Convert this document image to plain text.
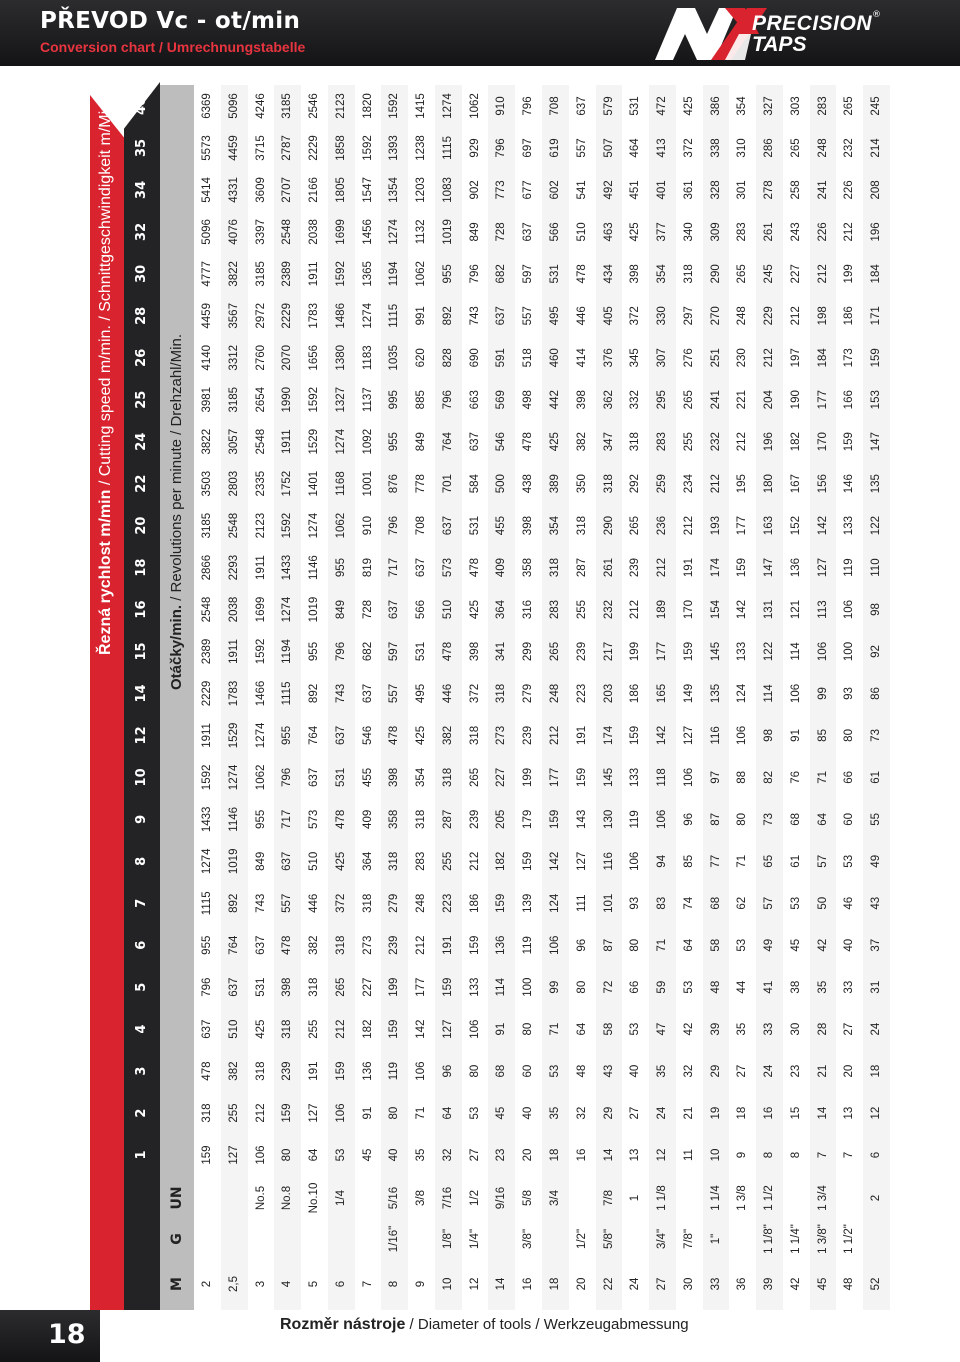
PŘEVOD Vc - ot/min
Conversion chart / Umrechnungstabelle
PRECISION
TAPS
®
Řezná rychlost m/min / Cutting speed m/min. / Schnittgeschwindigkeit m/Min.
1
2
3
4
5
6
7
8
9
10
12
14
15
16
18
20
22
24
25
26
28
30
32
34
35
40
M
G
UN
Otáčky/min. / Revolutions per minute / Drehzahl/Min.
2
159
318
478
637
796
955
1115
1274
1433
1592
1911
2229
2389
2548
2866
3185
3503
3822
3981
4140
4459
4777
5096
5414
5573
6369
2,5
127
255
382
510
637
764
892
1019
1146
1274
1529
1783
1911
2038
2293
2548
2803
3057
3185
3312
3567
3822
4076
4331
4459
5096
3
No.5
106
212
318
425
531
637
743
849
955
1062
1274
1466
1592
1699
1911
2123
2335
2548
2654
2760
2972
3185
3397
3609
3715
4246
4
No.8
80
159
239
318
398
478
557
637
717
796
955
1115
1194
1274
1433
1592
1752
1911
1990
2070
2229
2389
2548
2707
2787
3185
5
No.10
64
127
191
255
318
382
446
510
573
637
764
892
955
1019
1146
1274
1401
1529
1592
1656
1783
1911
2038
2166
2229
2546
6
1/4
53
106
159
212
265
318
372
425
478
531
637
743
796
849
955
1062
1168
1274
1327
1380
1486
1592
1699
1805
1858
2123
7
45
91
136
182
227
273
318
364
409
455
546
637
682
728
819
910
1001
1092
1137
1183
1274
1365
1456
1547
1592
1820
8
1/16"
5/16
40
80
119
159
199
239
279
318
358
398
478
557
597
637
717
796
876
955
995
1035
1115
1194
1274
1354
1393
1592
9
3/8
35
71
106
142
177
212
248
283
318
354
425
495
531
566
637
708
778
849
885
620
991
1062
1132
1203
1238
1415
10
1/8"
7/16
32
64
96
127
159
191
223
255
287
318
382
446
478
510
573
637
701
764
796
828
892
955
1019
1083
1115
1274
12
1/4"
1/2
27
53
80
106
133
159
186
212
239
265
318
372
398
425
478
531
584
637
663
690
743
796
849
902
929
1062
14
9/16
23
45
68
91
114
136
159
182
205
227
273
318
341
364
409
455
500
546
569
591
637
682
728
773
796
910
16
3/8"
5/8
20
40
60
80
100
119
139
159
179
199
239
279
299
316
358
398
438
478
498
518
557
597
637
677
697
796
18
3/4
18
35
53
71
99
106
124
142
159
177
212
248
265
283
318
354
389
425
442
460
495
531
566
602
619
708
20
1/2"
16
32
48
64
80
96
111
127
143
159
191
223
239
255
287
318
350
382
398
414
446
478
510
541
557
637
22
5/8"
7/8
14
29
43
58
72
87
101
116
130
145
174
203
217
232
261
290
318
347
362
376
405
434
463
492
507
579
24
1
13
27
40
53
66
80
93
106
119
133
159
186
199
212
239
265
292
318
332
345
372
398
425
451
464
531
27
3/4"
1 1/8
12
24
35
47
59
71
83
94
106
118
142
165
177
189
212
236
259
283
295
307
330
354
377
401
413
472
30
7/8"
11
21
32
42
53
64
74
85
96
106
127
149
159
170
191
212
234
255
265
276
297
318
340
361
372
425
33
1"
1 1/4
10
19
29
39
48
58
68
77
87
97
116
135
145
154
174
193
212
232
241
251
270
290
309
328
338
386
36
1 3/8
9
18
27
35
44
53
62
71
80
88
106
124
133
142
159
177
195
212
221
230
248
265
283
301
310
354
39
1 1/8"
1 1/2
8
16
24
33
41
49
57
65
73
82
98
114
122
131
147
163
180
196
204
212
229
245
261
278
286
327
42
1 1/4"
8
15
23
30
38
45
53
61
68
76
91
106
114
121
136
152
167
182
190
197
212
227
243
258
265
303
45
1 3/8"
1 3/4
7
14
21
28
35
42
50
57
64
71
85
99
106
113
127
142
156
170
177
184
198
212
226
241
248
283
48
1 1/2"
7
13
20
27
33
40
46
53
60
66
80
93
100
106
119
133
146
159
166
173
186
199
212
226
232
265
52
2
6
12
18
24
31
37
43
49
55
61
73
86
92
98
110
122
135
147
153
159
171
184
196
208
214
245
18	Rozměr nástroje / Diameter of tools / Werkzeugabmessung
